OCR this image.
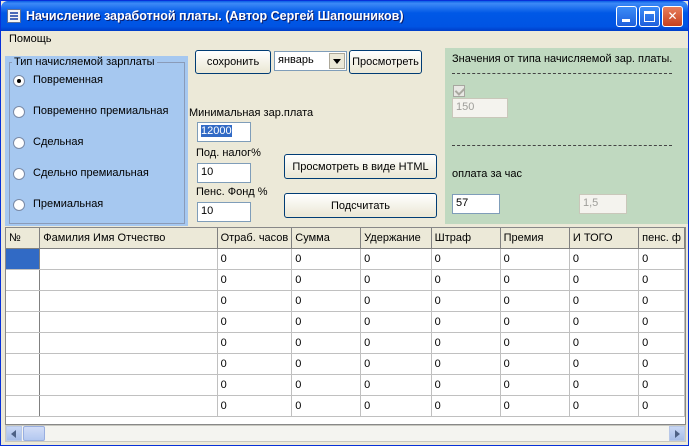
Начисление заработной платы. (Автор Сергей Шапошников)	✕
Помощь
Тип начисляемой зарплаты
Повременная
Повременно премиальная
Сдельная
Сдельно премиальная
Премиальная
сохронить	январь	Просмотреть
Минимальная зар.плата
12000
Под. налог%
10
Пенс. Фонд %
10
Просмотреть в виде HTML
Подсчитать
Значения от типа начисляемой зар. платы.
150
оплата за час
57	1,5
№	Фамилия Имя Отчество	Отраб. часов	Сумма	Удержание	Штраф	Премия	И ТОГО	пенс. ф
		0	0	0	0	0	0	0
		0	0	0	0	0	0	0
		0	0	0	0	0	0	0
		0	0	0	0	0	0	0
		0	0	0	0	0	0	0
		0	0	0	0	0	0	0
		0	0	0	0	0	0	0
		0	0	0	0	0	0	0
